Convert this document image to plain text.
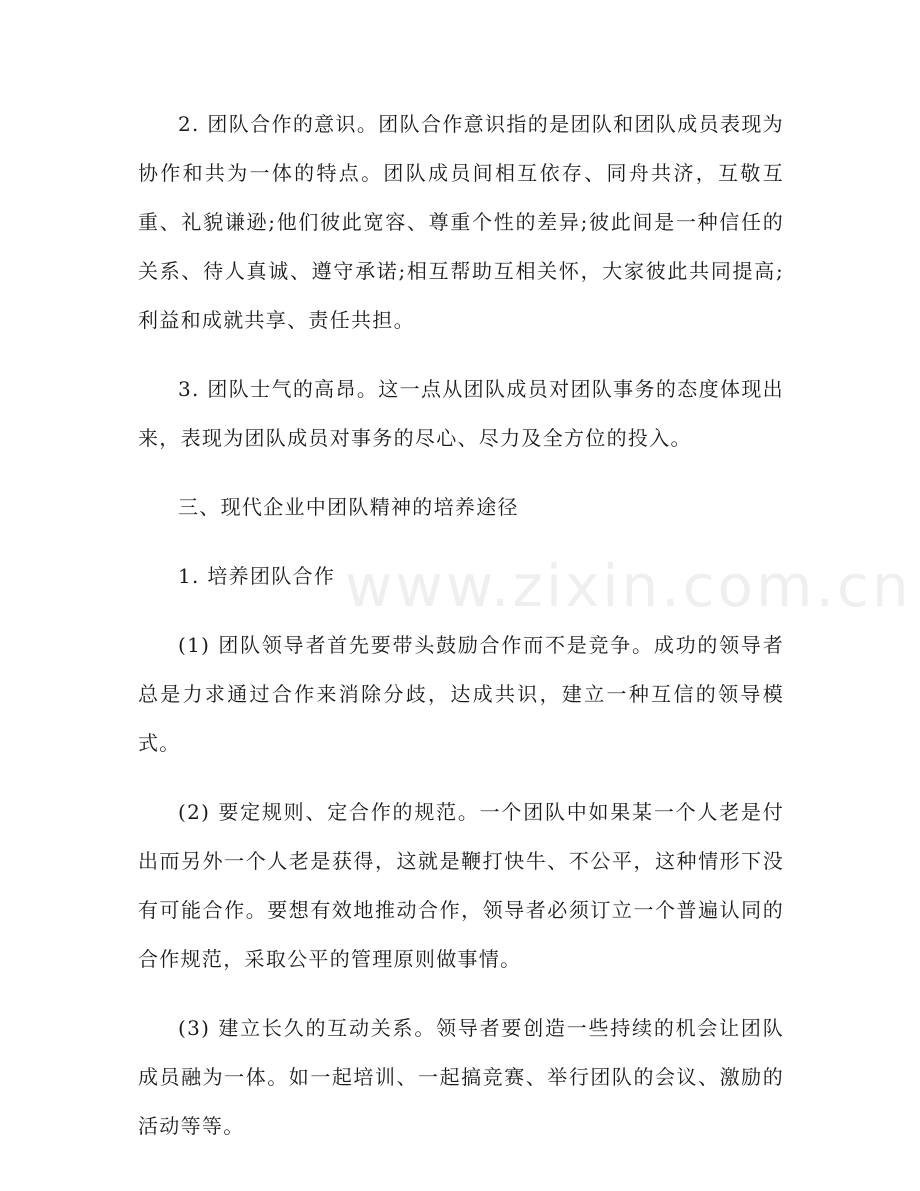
2. 团队合作的意识。团队合作意识指的是团队和团队成员表现为协作和共为一体的特点。团队成员间相互依存、同舟共济，互敬互重、礼貌谦逊;他们彼此宽容、尊重个性的差异;彼此间是一种信任的关系、待人真诚、遵守承诺;相互帮助互相关怀，大家彼此共同提高;利益和成就共享、责任共担。

3. 团队士气的高昂。这一点从团队成员对团队事务的态度体现出来，表现为团队成员对事务的尽心、尽力及全方位的投入。

三、现代企业中团队精神的培养途径

1. 培养团队合作

(1) 团队领导者首先要带头鼓励合作而不是竞争。成功的领导者总是力求通过合作来消除分歧，达成共识，建立一种互信的领导模式。

(2) 要定规则、定合作的规范。一个团队中如果某一个人老是付出而另外一个人老是获得，这就是鞭打快牛、不公平，这种情形下没有可能合作。要想有效地推动合作，领导者必须订立一个普遍认同的合作规范，采取公平的管理原则做事情。

(3) 建立长久的互动关系。领导者要创造一些持续的机会让团队成员融为一体。如一起培训、一起搞竞赛、举行团队的会议、激励的活动等等。

www.zixin.com.cn
